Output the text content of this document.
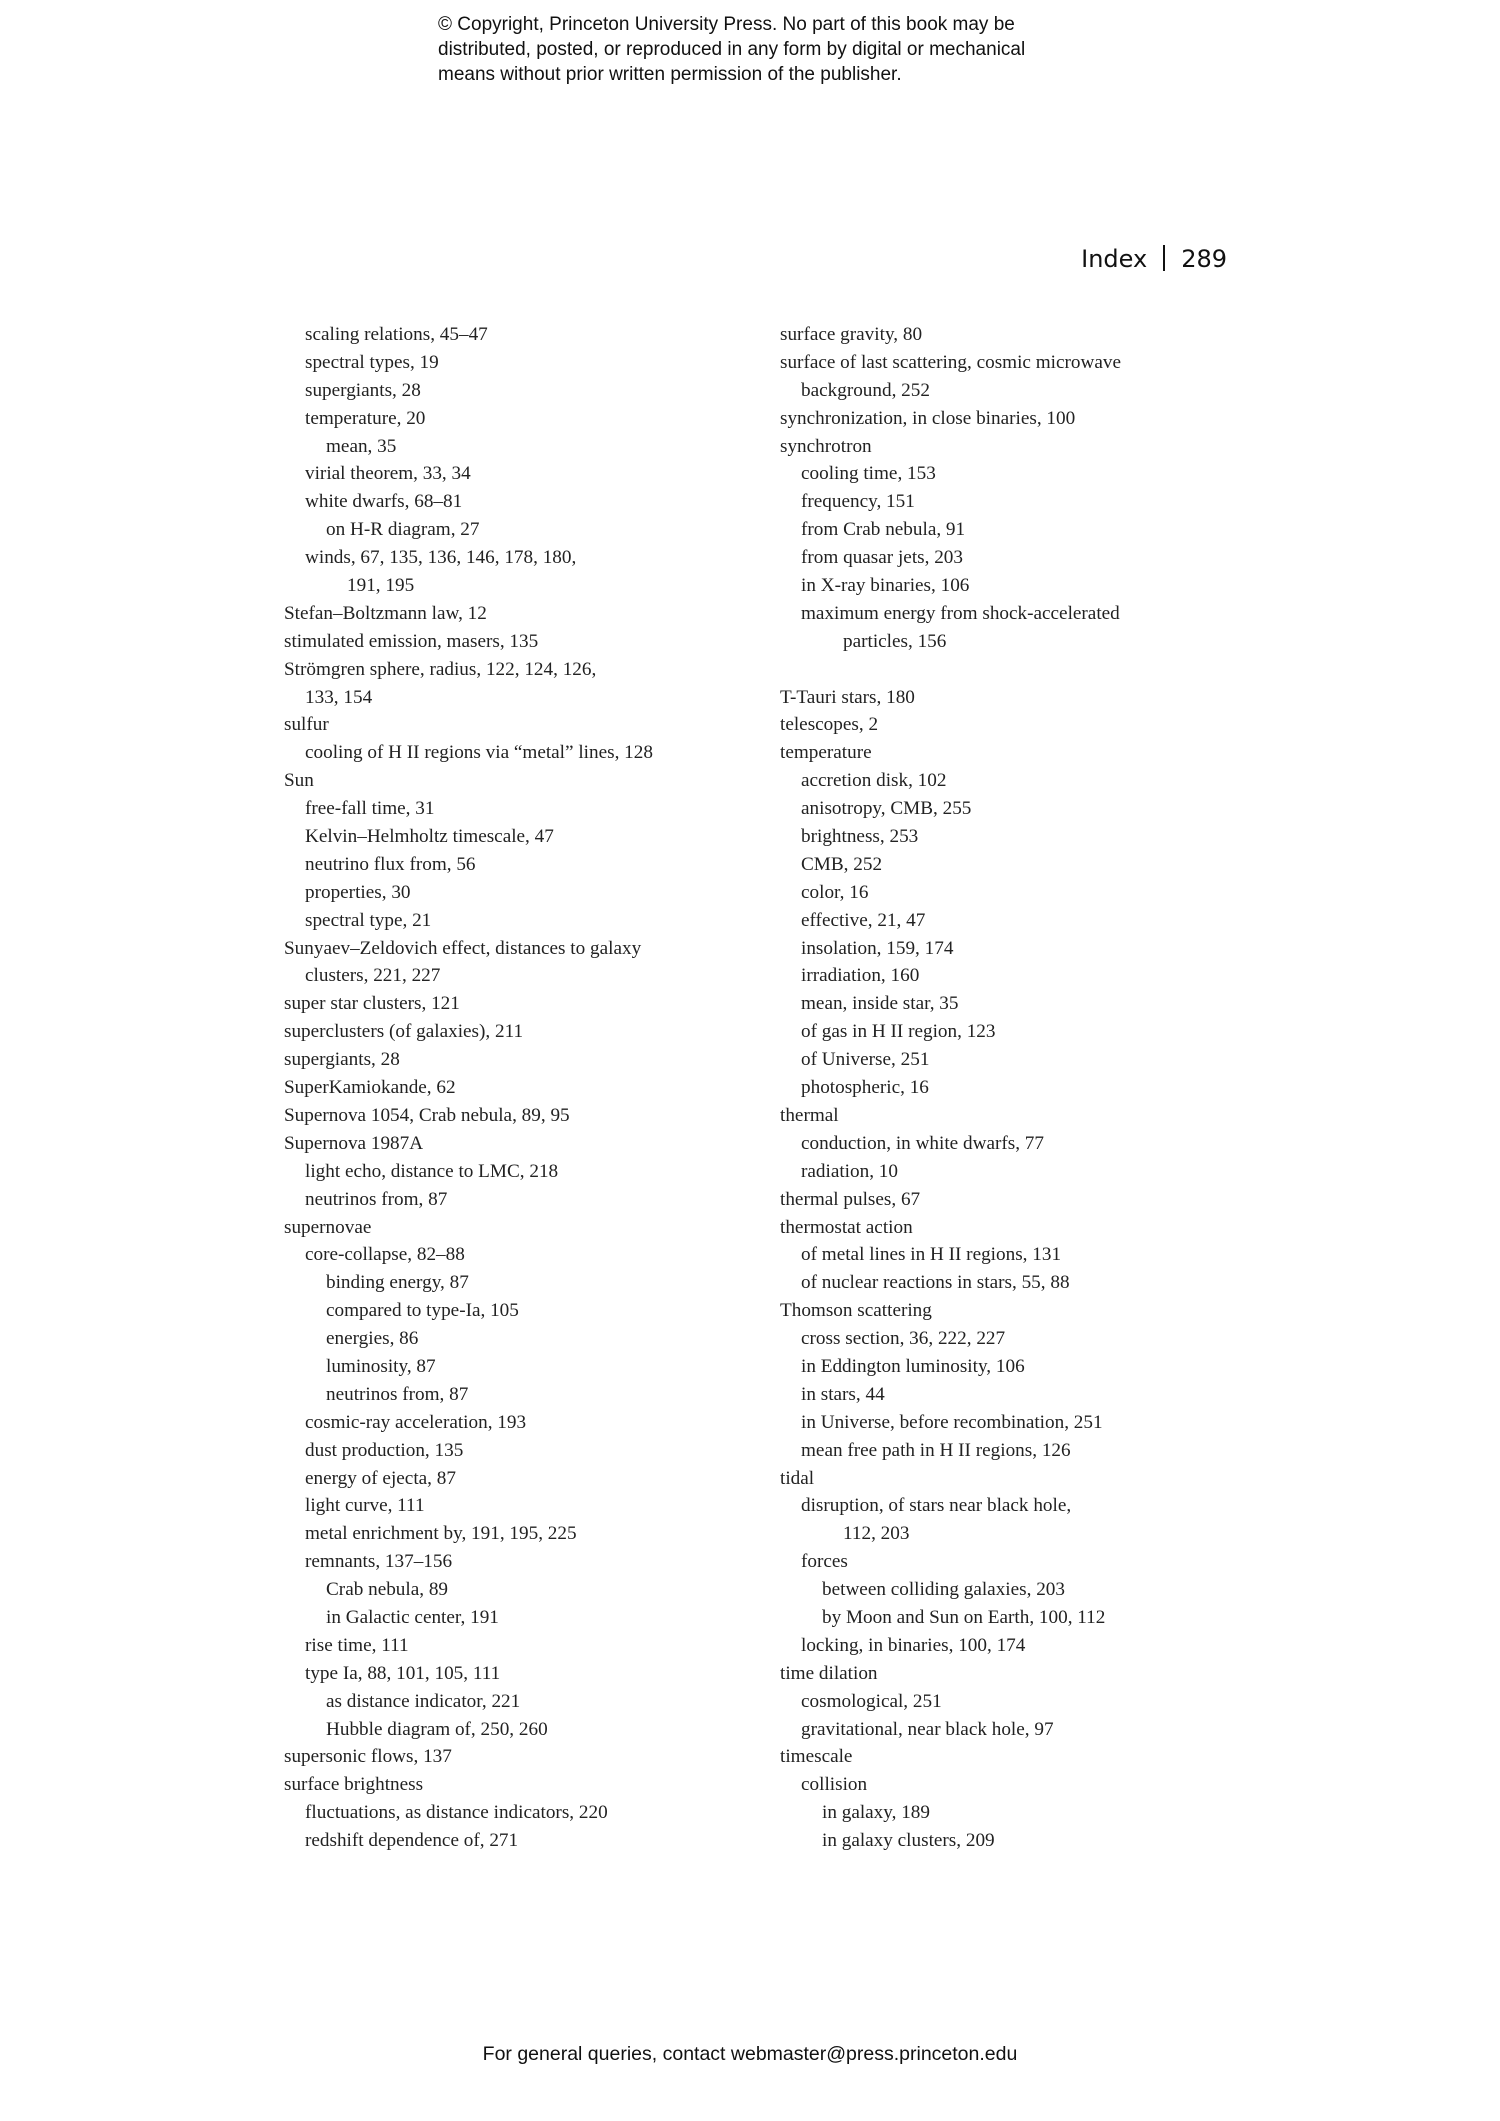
© Copyright, Princeton University Press. No part of this book may be
distributed, posted, or reproduced in any form by digital or mechanical
means without prior written permission of the publisher.
Index 289
scaling relations, 45–47
spectral types, 19
supergiants, 28
temperature, 20
mean, 35
virial theorem, 33, 34
white dwarfs, 68–81
on H-R diagram, 27
winds, 67, 135, 136, 146, 178, 180,
191, 195
Stefan–Boltzmann law, 12
stimulated emission, masers, 135
Strömgren sphere, radius, 122, 124, 126,
133, 154
sulfur
cooling of H II regions via “metal” lines, 128
Sun
free-fall time, 31
Kelvin–Helmholtz timescale, 47
neutrino flux from, 56
properties, 30
spectral type, 21
Sunyaev–Zeldovich effect, distances to galaxy
clusters, 221, 227
super star clusters, 121
superclusters (of galaxies), 211
supergiants, 28
SuperKamiokande, 62
Supernova 1054, Crab nebula, 89, 95
Supernova 1987A
light echo, distance to LMC, 218
neutrinos from, 87
supernovae
core-collapse, 82–88
binding energy, 87
compared to type-Ia, 105
energies, 86
luminosity, 87
neutrinos from, 87
cosmic-ray acceleration, 193
dust production, 135
energy of ejecta, 87
light curve, 111
metal enrichment by, 191, 195, 225
remnants, 137–156
Crab nebula, 89
in Galactic center, 191
rise time, 111
type Ia, 88, 101, 105, 111
as distance indicator, 221
Hubble diagram of, 250, 260
supersonic flows, 137
surface brightness
fluctuations, as distance indicators, 220
redshift dependence of, 271
surface gravity, 80
surface of last scattering, cosmic microwave
background, 252
synchronization, in close binaries, 100
synchrotron
cooling time, 153
frequency, 151
from Crab nebula, 91
from quasar jets, 203
in X-ray binaries, 106
maximum energy from shock-accelerated
particles, 156
T-Tauri stars, 180
telescopes, 2
temperature
accretion disk, 102
anisotropy, CMB, 255
brightness, 253
CMB, 252
color, 16
effective, 21, 47
insolation, 159, 174
irradiation, 160
mean, inside star, 35
of gas in H II region, 123
of Universe, 251
photospheric, 16
thermal
conduction, in white dwarfs, 77
radiation, 10
thermal pulses, 67
thermostat action
of metal lines in H II regions, 131
of nuclear reactions in stars, 55, 88
Thomson scattering
cross section, 36, 222, 227
in Eddington luminosity, 106
in stars, 44
in Universe, before recombination, 251
mean free path in H II regions, 126
tidal
disruption, of stars near black hole,
112, 203
forces
between colliding galaxies, 203
by Moon and Sun on Earth, 100, 112
locking, in binaries, 100, 174
time dilation
cosmological, 251
gravitational, near black hole, 97
timescale
collision
in galaxy, 189
in galaxy clusters, 209
For general queries, contact webmaster@press.princeton.edu
